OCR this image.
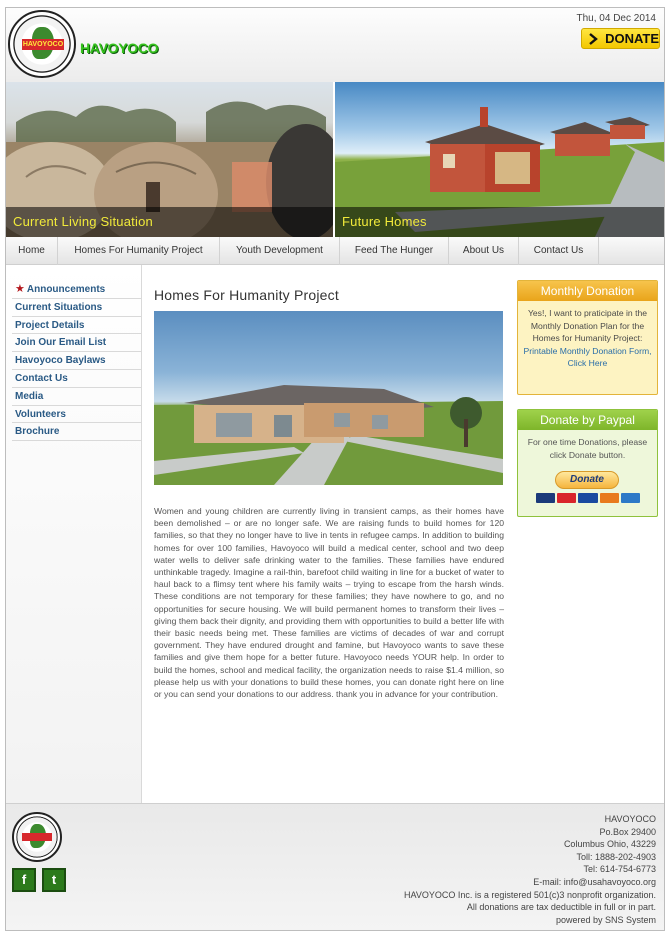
HAVOYOCO HAVOYOCO
Thu, 04 Dec 2014
DONATE
Current Living Situation	Future Homes
Home	Homes For Humanity Project	Youth Development	Feed The Hunger	About Us	Contact Us
★ Announcements
Current Situations
Project Details
Join Our Email List
Havoyoco Baylaws
Contact Us
Media
Volunteers
Brochure
Homes For Humanity Project
Women and young children are currently living in transient camps, as their homes have been demolished – or are no longer safe. We are raising funds to build homes for 120 families, so that they no longer have to live in tents in refugee camps. In addition to building homes for over 100 families, Havoyoco will build a medical center, school and two deep water wells to deliver safe drinking water to the families. These families have endured unthinkable tragedy. Imagine a rail-thin, barefoot child waiting in line for a bucket of water to haul back to a flimsy tent where his family waits – trying to escape from the harsh winds. These conditions are not temporary for these families; they have nowhere to go, and no opportunities for secure housing. We will build permanent homes to transform their lives – giving them back their dignity, and providing them with opportunities to build a better life with their basic needs being met. These families are victims of decades of war and corrupt government. They have endured drought and famine, but Havoyoco wants to save these families and give them hope for a better future. Havoyoco needs YOUR help. In order to build the homes, school and medical facility, the organization needs to raise $1.4 million, so please help us with your donations to build these homes, you can donate right here on line or you can send your donations to our address. thank you in advance for your contribution.
Monthly Donation
Yes!, I want to praticipate in the Monthly Donation Plan for the Homes for Humanity Project:
Printable Monthly Donation Form, Click Here
Donate by Paypal
For one time Donations, please click Donate button.
Donate
f	t
HAVOYOCO
Po.Box 29400
Columbus Ohio, 43229
Toll: 1888-202-4903
Tel: 614-754-6773
E-mail: info@usahavoyoco.org
HAVOYOCO Inc. is a registered 501(c)3 nonprofit organization.
All donations are tax deductible in full or in part.
powered by SNS System
